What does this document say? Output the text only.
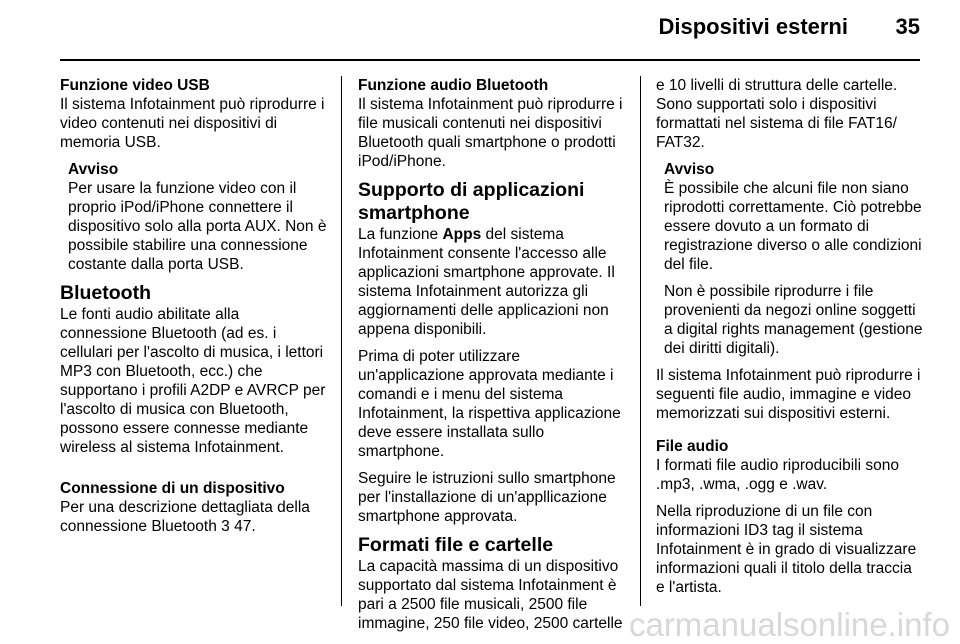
Dispositivi esterni 35
Funzione video USB

Il sistema Infotainment può riprodurre i video contenuti nei dispositivi di memoria USB.

Avviso

Per usare la funzione video con il proprio iPod/iPhone connettere il dispositivo solo alla porta AUX. Non è possibile stabilire una connessione costante dalla porta USB.

Bluetooth

Le fonti audio abilitate alla connessione Bluetooth (ad es. i cellulari per l'ascolto di musica, i lettori MP3 con Bluetooth, ecc.) che supportano i profili A2DP e AVRCP per l'ascolto di musica con Bluetooth, possono essere connesse mediante wireless al sistema Infotainment.

Connessione di un dispositivo

Per una descrizione dettagliata della connessione Bluetooth 3 47.

Funzione audio Bluetooth

Il sistema Infotainment può riprodurre i file musicali contenuti nei dispositivi Bluetooth quali smartphone o prodotti iPod/iPhone.

Supporto di applicazioni smartphone

La funzione Apps del sistema Infotainment consente l'accesso alle applicazioni smartphone approvate. Il sistema Infotainment autorizza gli aggiornamenti delle applicazioni non appena disponibili.

Prima di poter utilizzare un'applicazione approvata mediante i comandi e i menu del sistema Infotainment, la rispettiva applicazione deve essere installata sullo smartphone.

Seguire le istruzioni sullo smartphone per l'installazione di un'appllicazione smartphone approvata.

Formati file e cartelle

La capacità massima di un dispositivo supportato dal sistema Infotainment è pari a 2500 file musicali, 2500 file immagine, 250 file video, 2500 cartelle

e 10 livelli di struttura delle cartelle. Sono supportati solo i dispositivi formattati nel sistema di file FAT16/ FAT32.

Avviso

È possibile che alcuni file non siano riprodotti correttamente. Ciò potrebbe essere dovuto a un formato di registrazione diverso o alle condizioni del file.

Non è possibile riprodurre i file provenienti da negozi online soggetti a digital rights management (gestione dei diritti digitali).

Il sistema Infotainment può riprodurre i seguenti file audio, immagine e video memorizzati sui dispositivi esterni.

File audio

I formati file audio riproducibili sono .mp3, .wma, .ogg e .wav.

Nella riproduzione di un file con informazioni ID3 tag il sistema Infotainment è in grado di visualizzare informazioni quali il titolo della traccia e l'artista.

carmanualsonline.info
